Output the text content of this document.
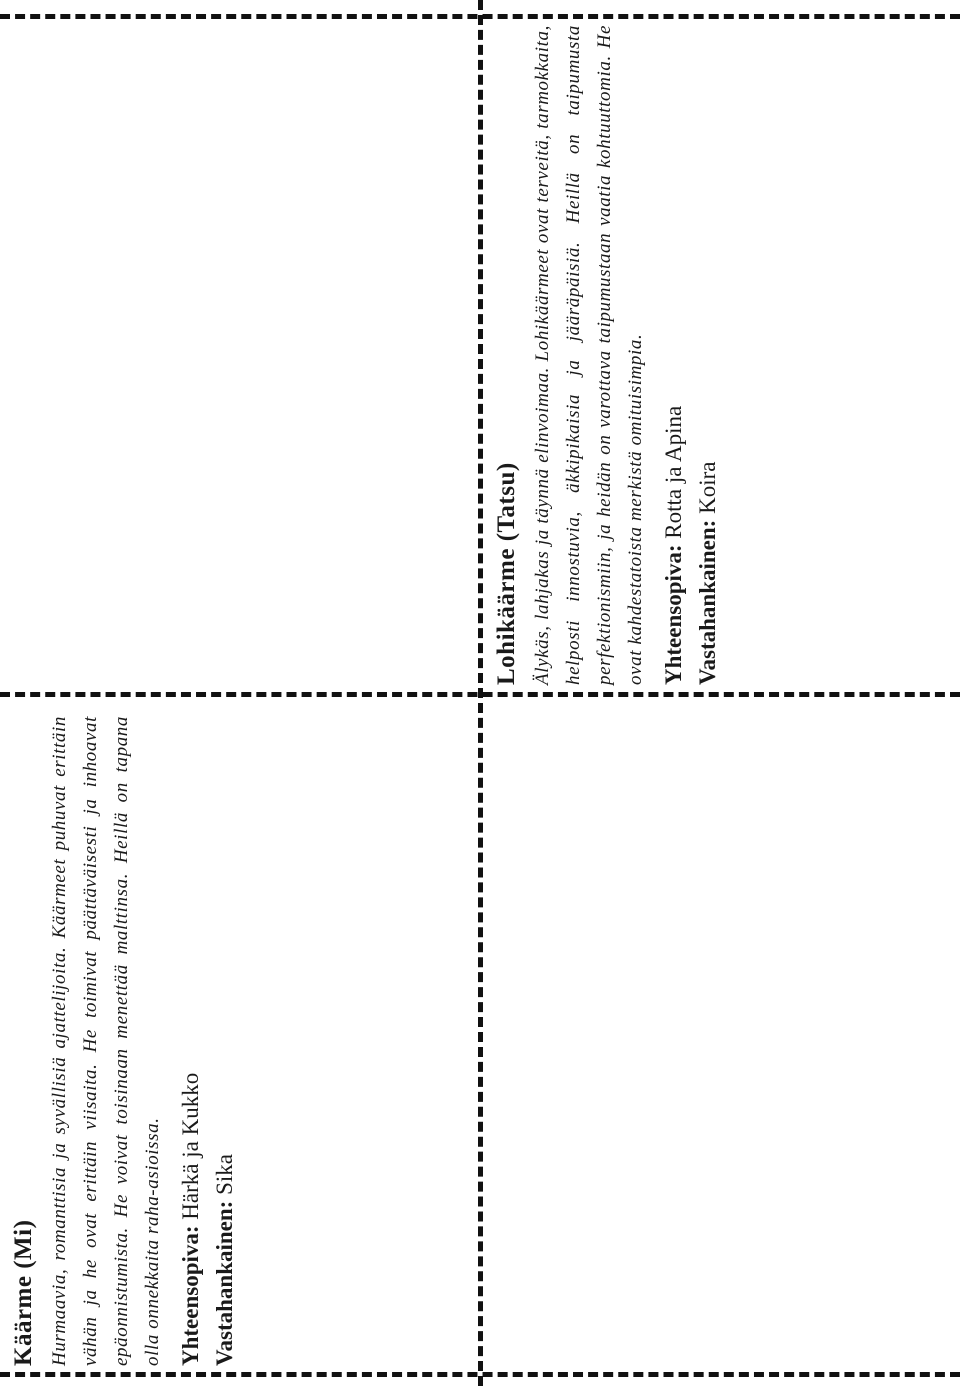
Käärme (Mi) Hurmaavia, romanttisia ja syvällisiä ajattelijoita. Käärmeet puhuvat erittäin vähän ja he ovat erittäin viisaita. He toimivat päättäväisesti ja inhoavat epäonnistumista. He voivat toisinaan menettää malttinsa. Heillä on tapana olla onnekkaita raha-asioissa. Yhteensopiva: Härkä ja Kukko
Vastahankainen: Sika
Lohikäärme (Tatsu) Älykäs, lahjakas ja täynnä elinvoimaa. Lohikäärmeet ovat terveitä, tarmokkaita, helposti innostuvia, äkkipikaisia ja jääräpäisiä. Heillä on taipumusta perfektionismiin, ja heidän on varottava taipumustaan vaatia kohtuuttomia. He ovat kahdestatoista merkistä omituisimpia. Yhteensopiva: Rotta ja Apina
Vastahankainen: Koira
